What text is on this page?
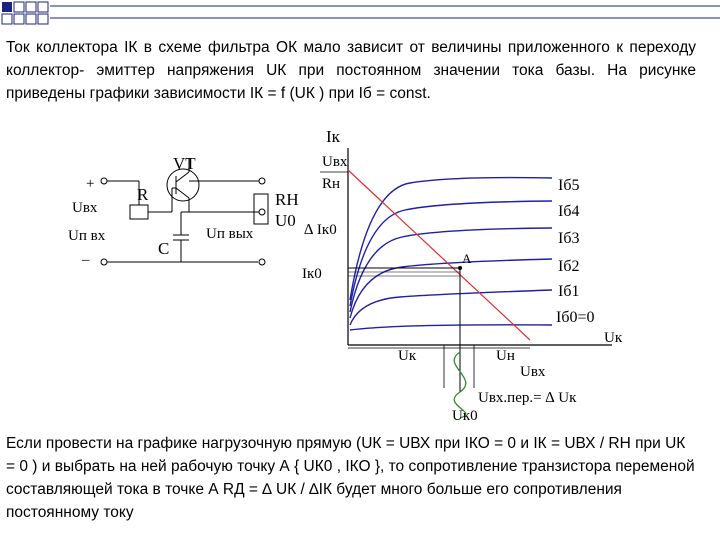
Ток коллектора IК в схеме фильтра ОК мало зависит от величины приложенного к переходу коллектор- эмиттер напряжения UК при постоянном значении тока базы. На рисунке приведены графики зависимости IК = f (UК ) при Iб = const.

+
Uвх
Uп вх
–
VT
R
C
Uп вых
RН
U0 ∆ Iк0
Iк
Uвх
Rн
Iк0
A
Uк
Uк	Uн
Uвх
Uвх.пер.= ∆ Uк
Uк0
Iб5
Iб4
Iб3
Iб2
Iб1
Iб0=0

Если провести на графике нагрузочную прямую (UК = UВХ при IКО = 0 и IК = UВХ / RН при UК = 0 ) и выбрать на ней рабочую точку А { UК0 , IКО }, то сопротивление транзистора переменой составляющей тока в точке А RД = ∆ UК / ∆IК будет много больше его сопротивления постоянному току
